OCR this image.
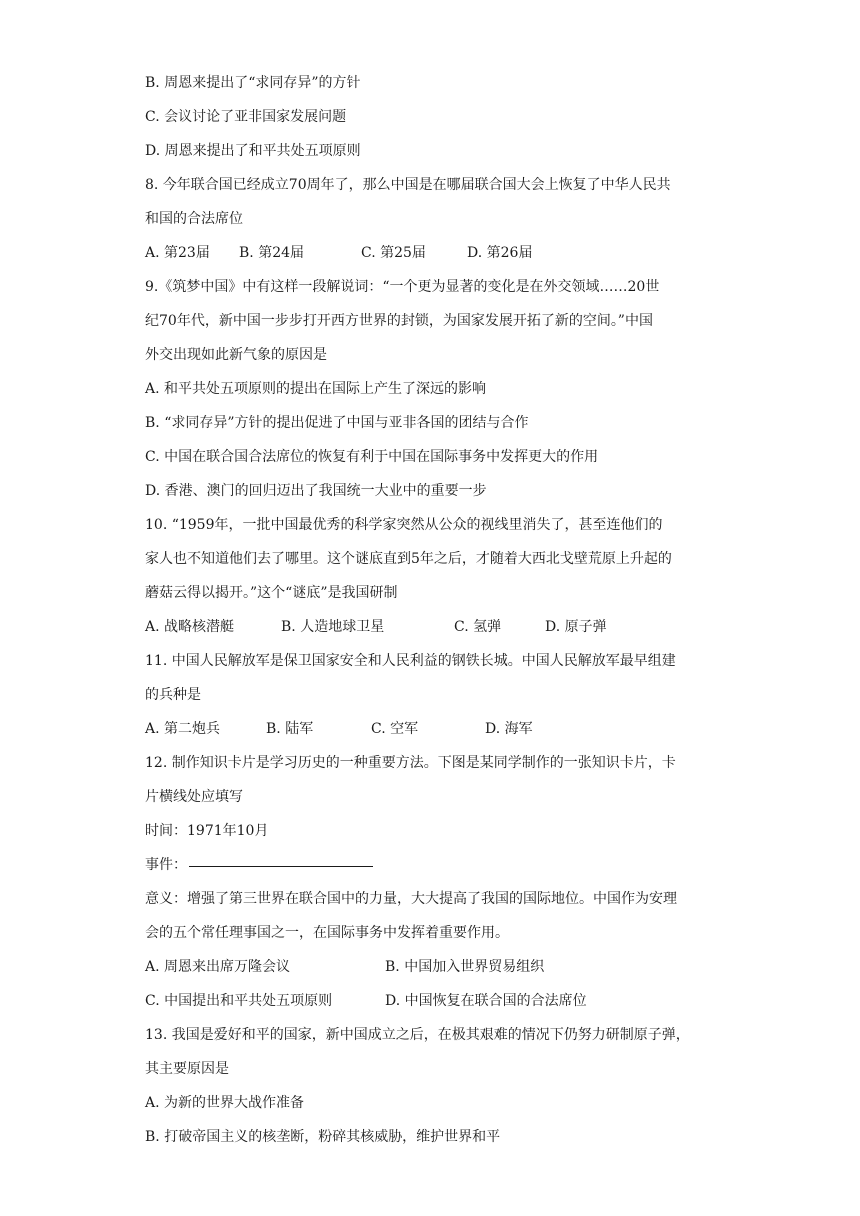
B. 周恩来提出了“求同存异”的方针
C. 会议讨论了亚非国家发展问题
D. 周恩来提出了和平共处五项原则
8. 今年联合国已经成立70周年了，那么中国是在哪届联合国大会上恢复了中华人民共
和国的合法席位
A. 第23届	B. 第24届	C. 第25届	D. 第26届
9.《筑梦中国》中有这样一段解说词：“一个更为显著的变化是在外交领域……20世
纪70年代，新中国一步步打开西方世界的封锁，为国家发展开拓了新的空间。”中国
外交出现如此新气象的原因是
A. 和平共处五项原则的提出在国际上产生了深远的影响
B. “求同存异”方针的提出促进了中国与亚非各国的团结与合作
C. 中国在联合国合法席位的恢复有利于中国在国际事务中发挥更大的作用
D. 香港、澳门的回归迈出了我国统一大业中的重要一步
10. “1959年，一批中国最优秀的科学家突然从公众的视线里消失了，甚至连他们的
家人也不知道他们去了哪里。这个谜底直到5年之后，才随着大西北戈壁荒原上升起的
蘑菇云得以揭开。”这个“谜底”是我国研制
A. 战略核潜艇	B. 人造地球卫星	C. 氢弹	D. 原子弹
11. 中国人民解放军是保卫国家安全和人民利益的钢铁长城。中国人民解放军最早组建
的兵种是
A. 第二炮兵	B. 陆军	C. 空军	D. 海军
12. 制作知识卡片是学习历史的一种重要方法。下图是某同学制作的一张知识卡片，卡
片横线处应填写
时间：1971年10月
事件：
意义：增强了第三世界在联合国中的力量，大大提高了我国的国际地位。中国作为安理
会的五个常任理事国之一，在国际事务中发挥着重要作用。
A. 周恩来出席万隆会议	B. 中国加入世界贸易组织
C. 中国提出和平共处五项原则	D. 中国恢复在联合国的合法席位
13. 我国是爱好和平的国家，新中国成立之后，在极其艰难的情况下仍努力研制原子弹，
其主要原因是
A. 为新的世界大战作准备
B. 打破帝国主义的核垄断，粉碎其核威胁，维护世界和平
